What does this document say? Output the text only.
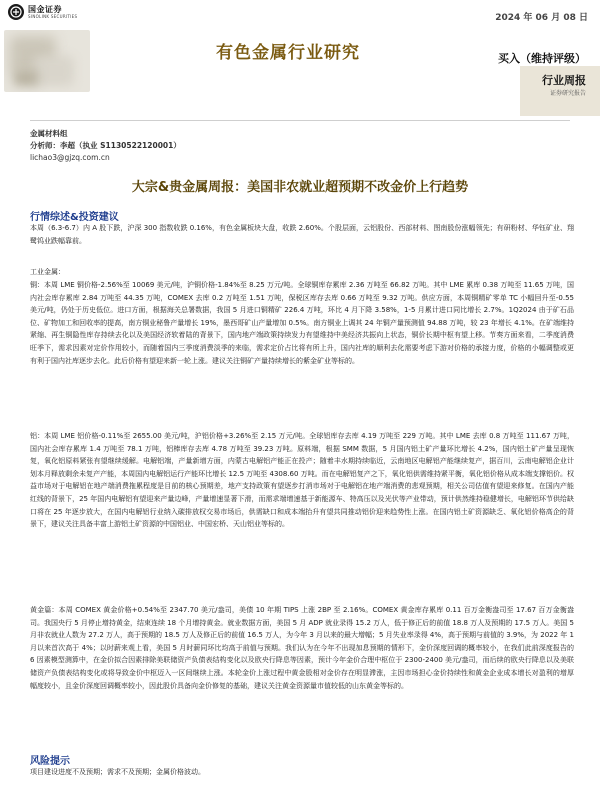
国金证券
SINOLINK SECURITIES	2024 年 06 月 08 日
有色金属行业研究	买入（维持评级）
行业周报
证券研究报告
金属材料组
分析师：李超（执业 S1130522120001）
lichao3@gjzq.com.cn
大宗&贵金属周报：美国非农就业超预期不改金价上行趋势
行情综述&投资建议
本周（6.3-6.7）内 A 股下跌，沪深 300 指数收跌 0.16%，有色金属板块大盘，收跌 2.60%。个股层面，云铝股份、西部材料、图南股份涨幅领先；有研粉材、华钰矿业、翔鹭钨业跌幅靠前。
工业金属：
铜：本周 LME 铜价格-2.56%至 10069 美元/吨，沪铜价格-1.84%至 8.25 万元/吨。全球铜库存累库 2.36 万吨至 66.82 万吨。其中 LME 累库 0.38 万吨至 11.65 万吨，国内社会库存累库 2.84 万吨至 44.35 万吨，COMEX 去库 0.2 万吨至 1.51 万吨，保税区库存去库 0.66 万吨至 9.32 万吨。供应方面，本周铜精矿零单 TC 小幅回升至-0.55 美元/吨，仍处于历史低位。进口方面，根据海关总署数据，我国 5 月进口铜精矿 226.4 万吨，环比 4 月下降 3.58%，1-5 月累计进口同比增长 2.7%。1Q2024 由于矿石品位、矿物加工和回收率的提高，南方铜业秘鲁产量增长 19%，墨西哥矿山产量增加 0.5%。南方铜业上调其 24 年铜产量预测值 94.88 万吨，较 23 年增长 4.1%。在矿端维持紧缩、再生铜隐性库存持续去化以及美国经济软着陆的背景下，国内地产端政策持续发力有望维持中美经济共振向上状态，铜价长期中枢有望上移。节奏方面来看，二季度消费旺季下，需求因素对定价作用较小，而随着国内三季度消费淡季的来临，需求定价占比将有所上升，国内社库的顺利去化需要考虑下游对价格的承接力度，价格的小幅调整或更有利于国内社库逐步去化。此后价格有望迎来新一轮上涨。建议关注铜矿产量持续增长的紫金矿业等标的。
铝：本周 LME 铝价格-0.11%至 2655.00 美元/吨，沪铝价格+3.26%至 2.15 万元/吨。全球铝库存去库 4.19 万吨至 229 万吨。其中 LME 去库 0.8 万吨至 111.67 万吨，国内社会库存累库 1.4 万吨至 78.1 万吨，铝棒库存去库 4.78 万吨至 39.23 万吨。原料端，根据 SMM 数据，5 月国内铝土矿产量环比增长 4.2%，国内铝土矿产量呈现恢复，氧化铝原料紧张有望继续缓解。电解铝端，产量新增方面，内蒙古电解铝产能正在投产；随着丰水期持续临近，云南地区电解铝产能继续复产，据百川，云南电解铝企业计划本月释放剩余未复产产能，本周国内电解铝运行产能环比增长 12.5 万吨至 4308.60 万吨。而在电解铝复产之下，氧化铝供需维持紧平衡，氧化铝价格从成本端支撑铝价。权益市场对于电解铝在地产端消费拖累程度是目前的核心预期差，地产支持政策有望逐步打消市场对于电解铝在地产端消费的悲观预期，相关公司估值有望迎来修复。在国内产能红线的背景下，25 年国内电解铝有望迎来产量边峰，产量增速显著下滑，而需求端增速基于新能源车、特高压以及光伏等产业带动，预计供然维持稳健增长，电解铝环节供给缺口将在 25 年逐步放大，在国内电解铝行业纳入碳排放权交易市场后，供需缺口和成本端抬升有望共同推动铝价迎来趋势性上涨。在国内铝土矿资源缺乏、氧化铝价格高企的背景下，建议关注具备丰富上游铝土矿资源的中国铝业、中国宏桥、天山铝业等标的。
黄金篇：本周 COMEX 黄金价格+0.54%至 2347.70 美元/盎司，美债 10 年期 TIPS 上涨 2BP 至 2.16%。COMEX 黄金库存累库 0.11 百万金衡盎司至 17.67 百万金衡盎司。我国央行 5 月停止增持黄金，结束连续 18 个月增持黄金。就业数据方面，美国 5 月 ADP 就业录得 15.2 万人，低于修正后的前值 18.8 万人及预期的 17.5 万人。美国 5 月非农就业人数为 27.2 万人，高于预期的 18.5 万人及修正后的前值 16.5 万人，为今年 3 月以来的最大增幅；5 月失业率录得 4%，高于预期与前值的 3.9%，为 2022 年 1 月以来首次高于 4%；以时薪来观上看，美国 5 月时薪同环比均高于前值与预期。我们认为在今年不出现加息预期的情形下，金价深度回调的概率较小，在我们此前深度报告的 6 因素模型测算中，在金价拟合因素排除美联储资产负债表结构变化以及欧央行降息等因素，预计今年金价合理中枢位于 2300-2400 美元/盎司，而后续的欧央行降息以及美联储资产负债表结构变化或将导致金价中枢迈入一区间继续上涨。本轮金价上涨过程中黄金股相对金价存在明显滞涨，主因市场担心金价持续性和黄金企业成本增长对盈利的增厚幅度较小，且金价深度回调概率较小，因此股价具备向金价修复的基础，建议关注黄金资源量市值较低的山东黄金等标的。
风险提示
项目建设进度不及预期；需求不及预期；金属价格波动。
